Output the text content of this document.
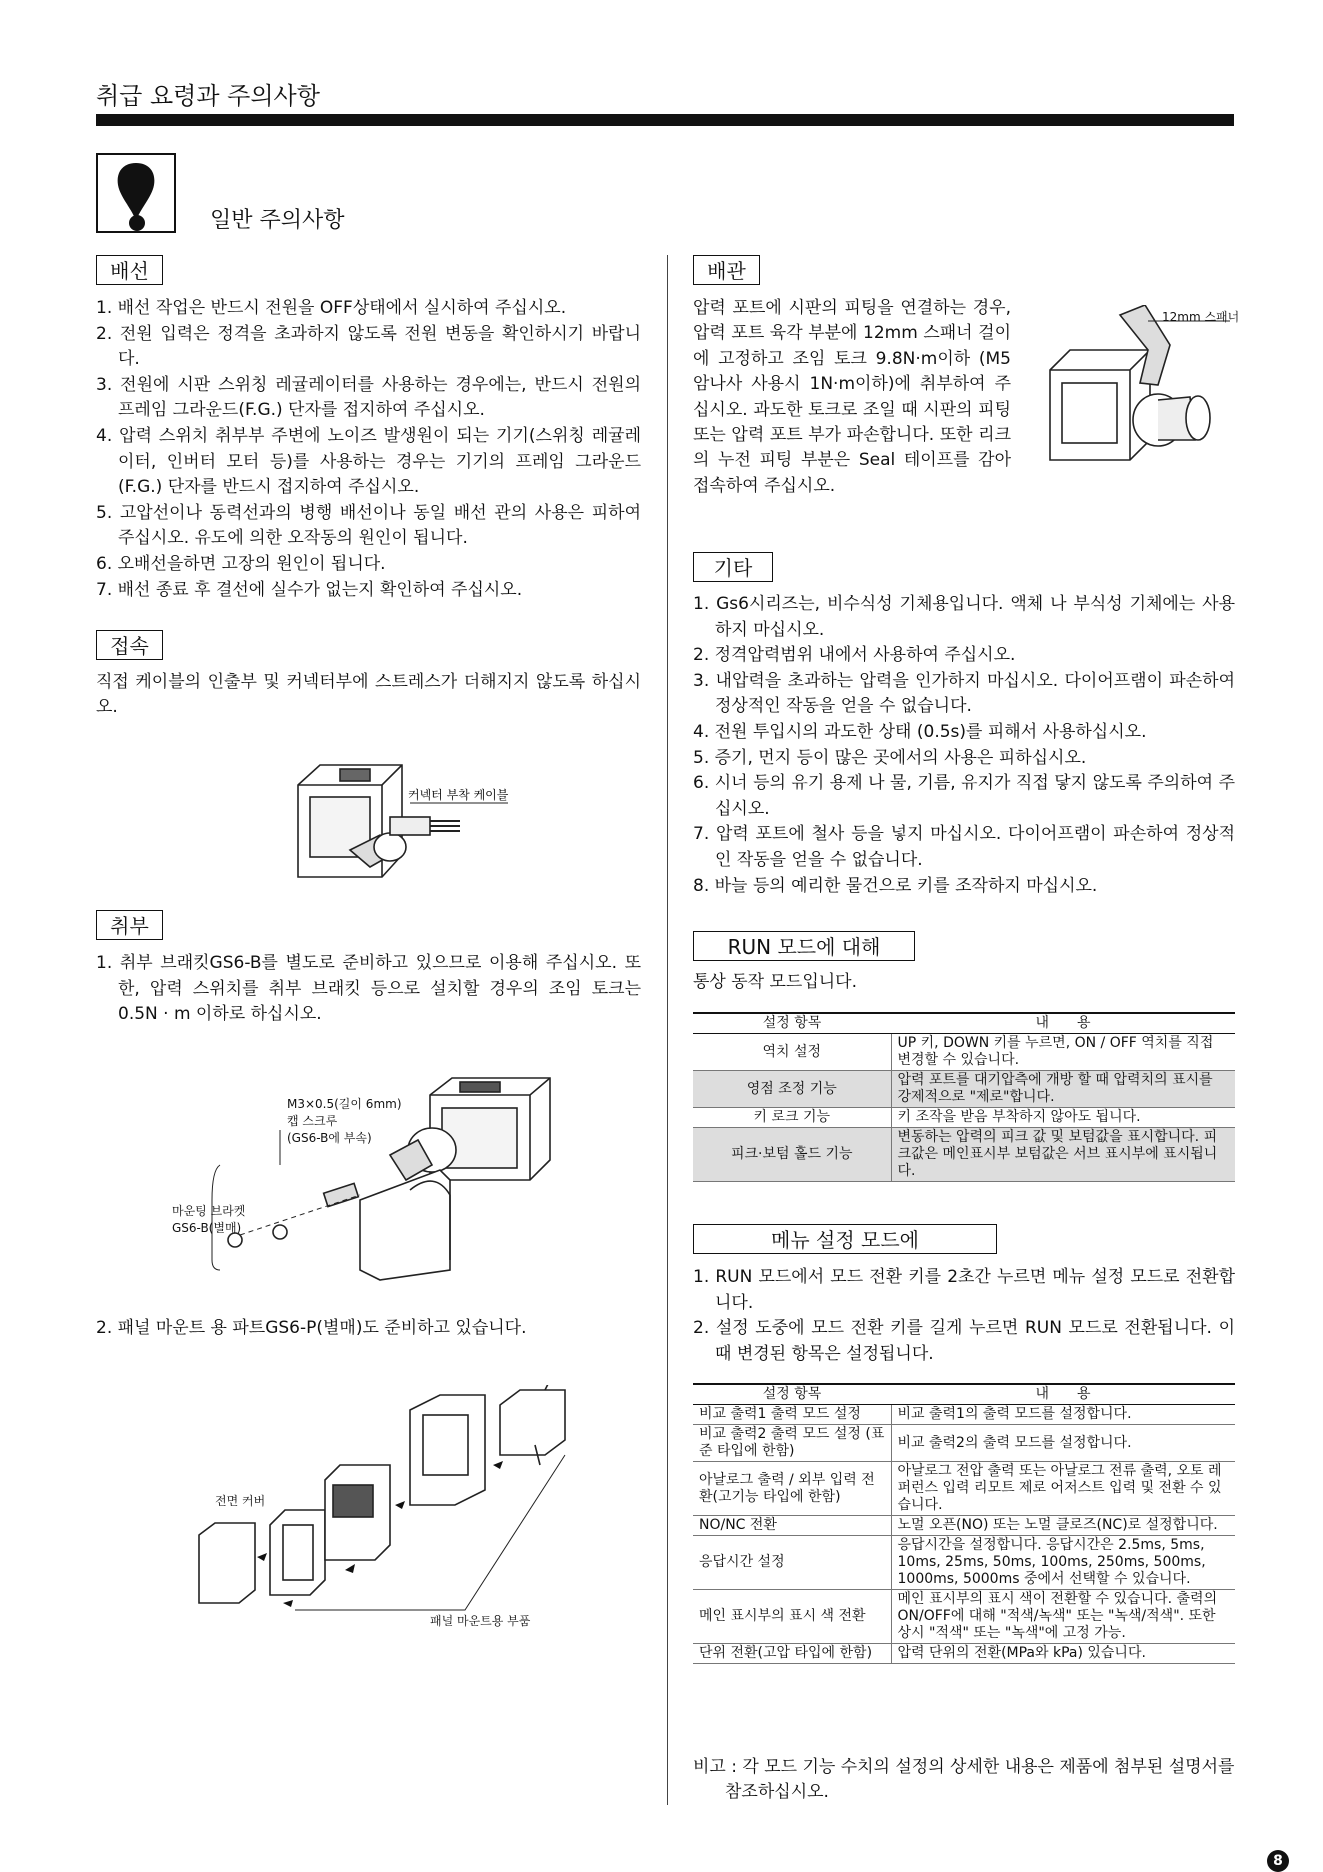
취급 요령과 주의사항
일반 주의사항
배선
1. 배선 작업은 반드시 전원을 OFF상태에서 실시하여 주십시오.
2. 전원 입력은 정격을 초과하지 않도록 전원 변동을 확인하시기 바랍니다.
3. 전원에 시판 스위칭 레귤레이터를 사용하는 경우에는, 반드시 전원의 프레임 그라운드(F.G.) 단자를 접지하여 주십시오.
4. 압력 스위치 취부부 주변에 노이즈 발생원이 되는 기기(스위칭 레귤레이터, 인버터 모터 등)를 사용하는 경우는 기기의 프레임 그라운드 (F.G.) 단자를 반드시 접지하여 주십시오.
5. 고압선이나 동력선과의 병행 배선이나 동일 배선 관의 사용은 피하여 주십시오. 유도에 의한 오작동의 원인이 됩니다.
6. 오배선을하면 고장의 원인이 됩니다.
7. 배선 종료 후 결선에 실수가 없는지 확인하여 주십시오.
접속
직접 케이블의 인출부 및 커넥터부에 스트레스가 더해지지 않도록 하십시오.
커넥터 부착 케이블
취부
1. 취부 브래킷GS6-B를 별도로 준비하고 있으므로 이용해 주십시오. 또한, 압력 스위치를 취부 브래킷 등으로 설치할 경우의 조임 토크는 0.5N · m 이하로 하십시오.
M3×0.5(길이 6mm)
캡 스크루
(GS6-B에 부속)
마운팅 브라켓
GS6-B(별매)
2. 패널 마운트 용 파트GS6-P(별매)도 준비하고 있습니다.
전면 커버
패널 마운트용 부품
배관
압력 포트에 시판의 피팅을 연결하는 경우, 압력 포트 육각 부분에 12mm 스패너 걸이에 고정하고 조임 토크 9.8N·m이하 (M5 암나사 사용시 1N·m이하)에 취부하여 주십시오. 과도한 토크로 조일 때 시판의 피팅 또는 압력 포트 부가 파손합니다. 또한 리크의 누전 피팅 부분은 Seal 테이프를 감아 접속하여 주십시오.
12mm 스패너
기타
1. Gs6시리즈는, 비수식성 기체용입니다. 액체 나 부식성 기체에는 사용하지 마십시오.
2. 정격압력범위 내에서 사용하여 주십시오.
3. 내압력을 초과하는 압력을 인가하지 마십시오. 다이어프램이 파손하여 정상적인 작동을 얻을 수 없습니다.
4. 전원 투입시의 과도한 상태 (0.5s)를 피해서 사용하십시오.
5. 증기, 먼지 등이 많은 곳에서의 사용은 피하십시오.
6. 시너 등의 유기 용제 나 물, 기름, 유지가 직접 닿지 않도록 주의하여 주십시오.
7. 압력 포트에 철사 등을 넣지 마십시오. 다이어프램이 파손하여 정상적인 작동을 얻을 수 없습니다.
8. 바늘 등의 예리한 물건으로 키를 조작하지 마십시오.
RUN 모드에 대해
통상 동작 모드입니다.
설정 항목	내　　용
역치 설정	UP 키, DOWN 키를 누르면, ON / OFF 역치를 직접 변경할 수 있습니다.
영점 조정 기능	압력 포트를 대기압측에 개방 할 때 압력치의 표시를 강제적으로 "제로"합니다.
키 로크 기능	키 조작을 받음 부착하지 않아도 됩니다.
피크·보텀 홀드 기능	변동하는 압력의 피크 값 및 보텀값을 표시합니다. 피크값은 메인표시부 보텀값은 서브 표시부에 표시됩니다.
메뉴 설정 모드에
1. RUN 모드에서 모드 전환 키를 2초간 누르면 메뉴 설정 모드로 전환합니다.
2. 설정 도중에 모드 전환 키를 길게 누르면 RUN 모드로 전환됩니다. 이때 변경된 항목은 설정됩니다.
설정 항목	내　　용
비교 출력1 출력 모드 설정	비교 출력1의 출력 모드를 설정합니다.
비교 출력2 출력 모드 설정 (표준 타입에 한함)	비교 출력2의 출력 모드를 설정합니다.
아날로그 출력 / 외부 입력 전환(고기능 타입에 한함)	아날로그 전압 출력 또는 아날로그 전류 출력, 오토 레퍼런스 입력 리모트 제로 어저스트 입력 및 전환 수 있습니다.
NO/NC 전환	노멀 오픈(NO) 또는 노멀 클로즈(NC)로 설정합니다.
응답시간 설정	응답시간을 설정합니다. 응답시간은 2.5ms, 5ms, 10ms, 25ms, 50ms, 100ms, 250ms, 500ms, 1000ms, 5000ms 중에서 선택할 수 있습니다.
메인 표시부의 표시 색 전환	메인 표시부의 표시 색이 전환할 수 있습니다. 출력의 ON/OFF에 대해 "적색/녹색" 또는 "녹색/적색". 또한 상시 "적색" 또는 "녹색"에 고정 가능.
단위 전환(고압 타입에 한함)	압력 단위의 전환(MPa와 kPa) 있습니다.
비고 : 각 모드 기능 수치의 설정의 상세한 내용은 제품에 첨부된 설명서를
참조하십시오.
8
